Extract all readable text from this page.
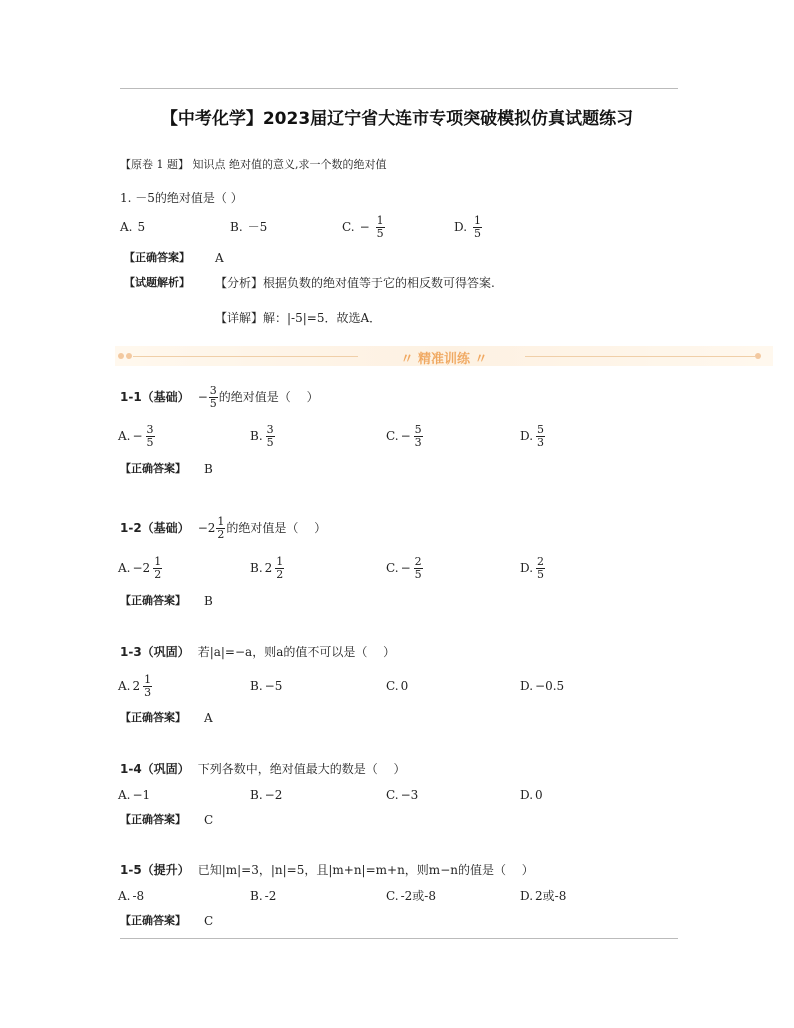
【中考化学】2023届辽宁省大连市专项突破模拟仿真试题练习
【原卷 1 题】 知识点 绝对值的意义,求一个数的绝对值
1. －5的绝对值是（ ）
A. 5	B. －5	C. − $\frac{1}{5}$	D. $\frac{1}{5}$
【正确答案】 A
【试题解析】 【分析】根据负数的绝对值等于它的相反数可得答案.
【详解】解：|-5|=5．故选A．
〃 精准训练 〃
1-1（基础） − $\frac{3}{5}$ 的绝对值是（　 ）
A. − $\frac{3}{5}$	B. $\frac{3}{5}$	C. − $\frac{5}{3}$	D. $\frac{5}{3}$
【正确答案】 B
1-2（基础） $-2 \frac{1}{2}$ 的绝对值是（　 ）
A. $-2 \frac{1}{2}$	B. $2 \frac{1}{2}$	C. − $\frac{2}{5}$	D. $\frac{2}{5}$
【正确答案】 B
1-3（巩固） 若|a|=−a，则a的值不可以是（　 ）
A. $2 \frac{1}{3}$	B. −5	C. 0	D. −0.5
【正确答案】 A
1-4（巩固） 下列各数中，绝对值最大的数是（　 ）
A. −1	B. −2	C. −3	D. 0
【正确答案】 C
1-5（提升） 已知|m|=3，|n|=5，且|m+n|=m+n，则m−n的值是（　 ）
A. -8	B. -2	C. -2或-8	D. 2或-8
【正确答案】 C
